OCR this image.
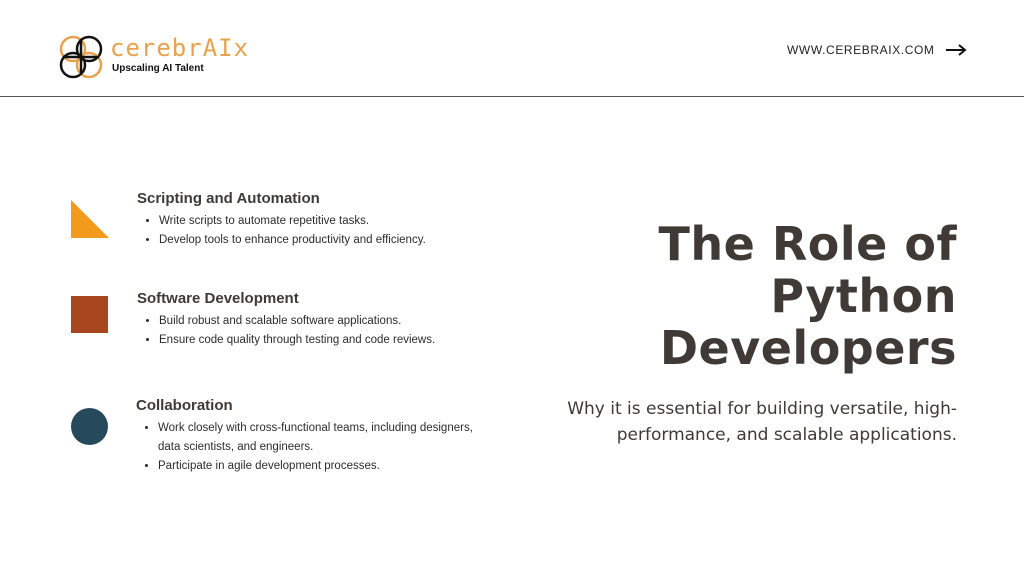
cerebrAIx
Upscaling AI Talent
WWW.CEREBRAIX.COM
Scripting and Automation
• Write scripts to automate repetitive tasks.
• Develop tools to enhance productivity and efficiency.
Software Development
• Build robust and scalable software applications.
• Ensure code quality through testing and code reviews.
Collaboration
• Work closely with cross-functional teams, including designers, data scientists, and engineers.
• Participate in agile development processes.
The Role of Python Developers
Why it is essential for building versatile, high-performance, and scalable applications.
